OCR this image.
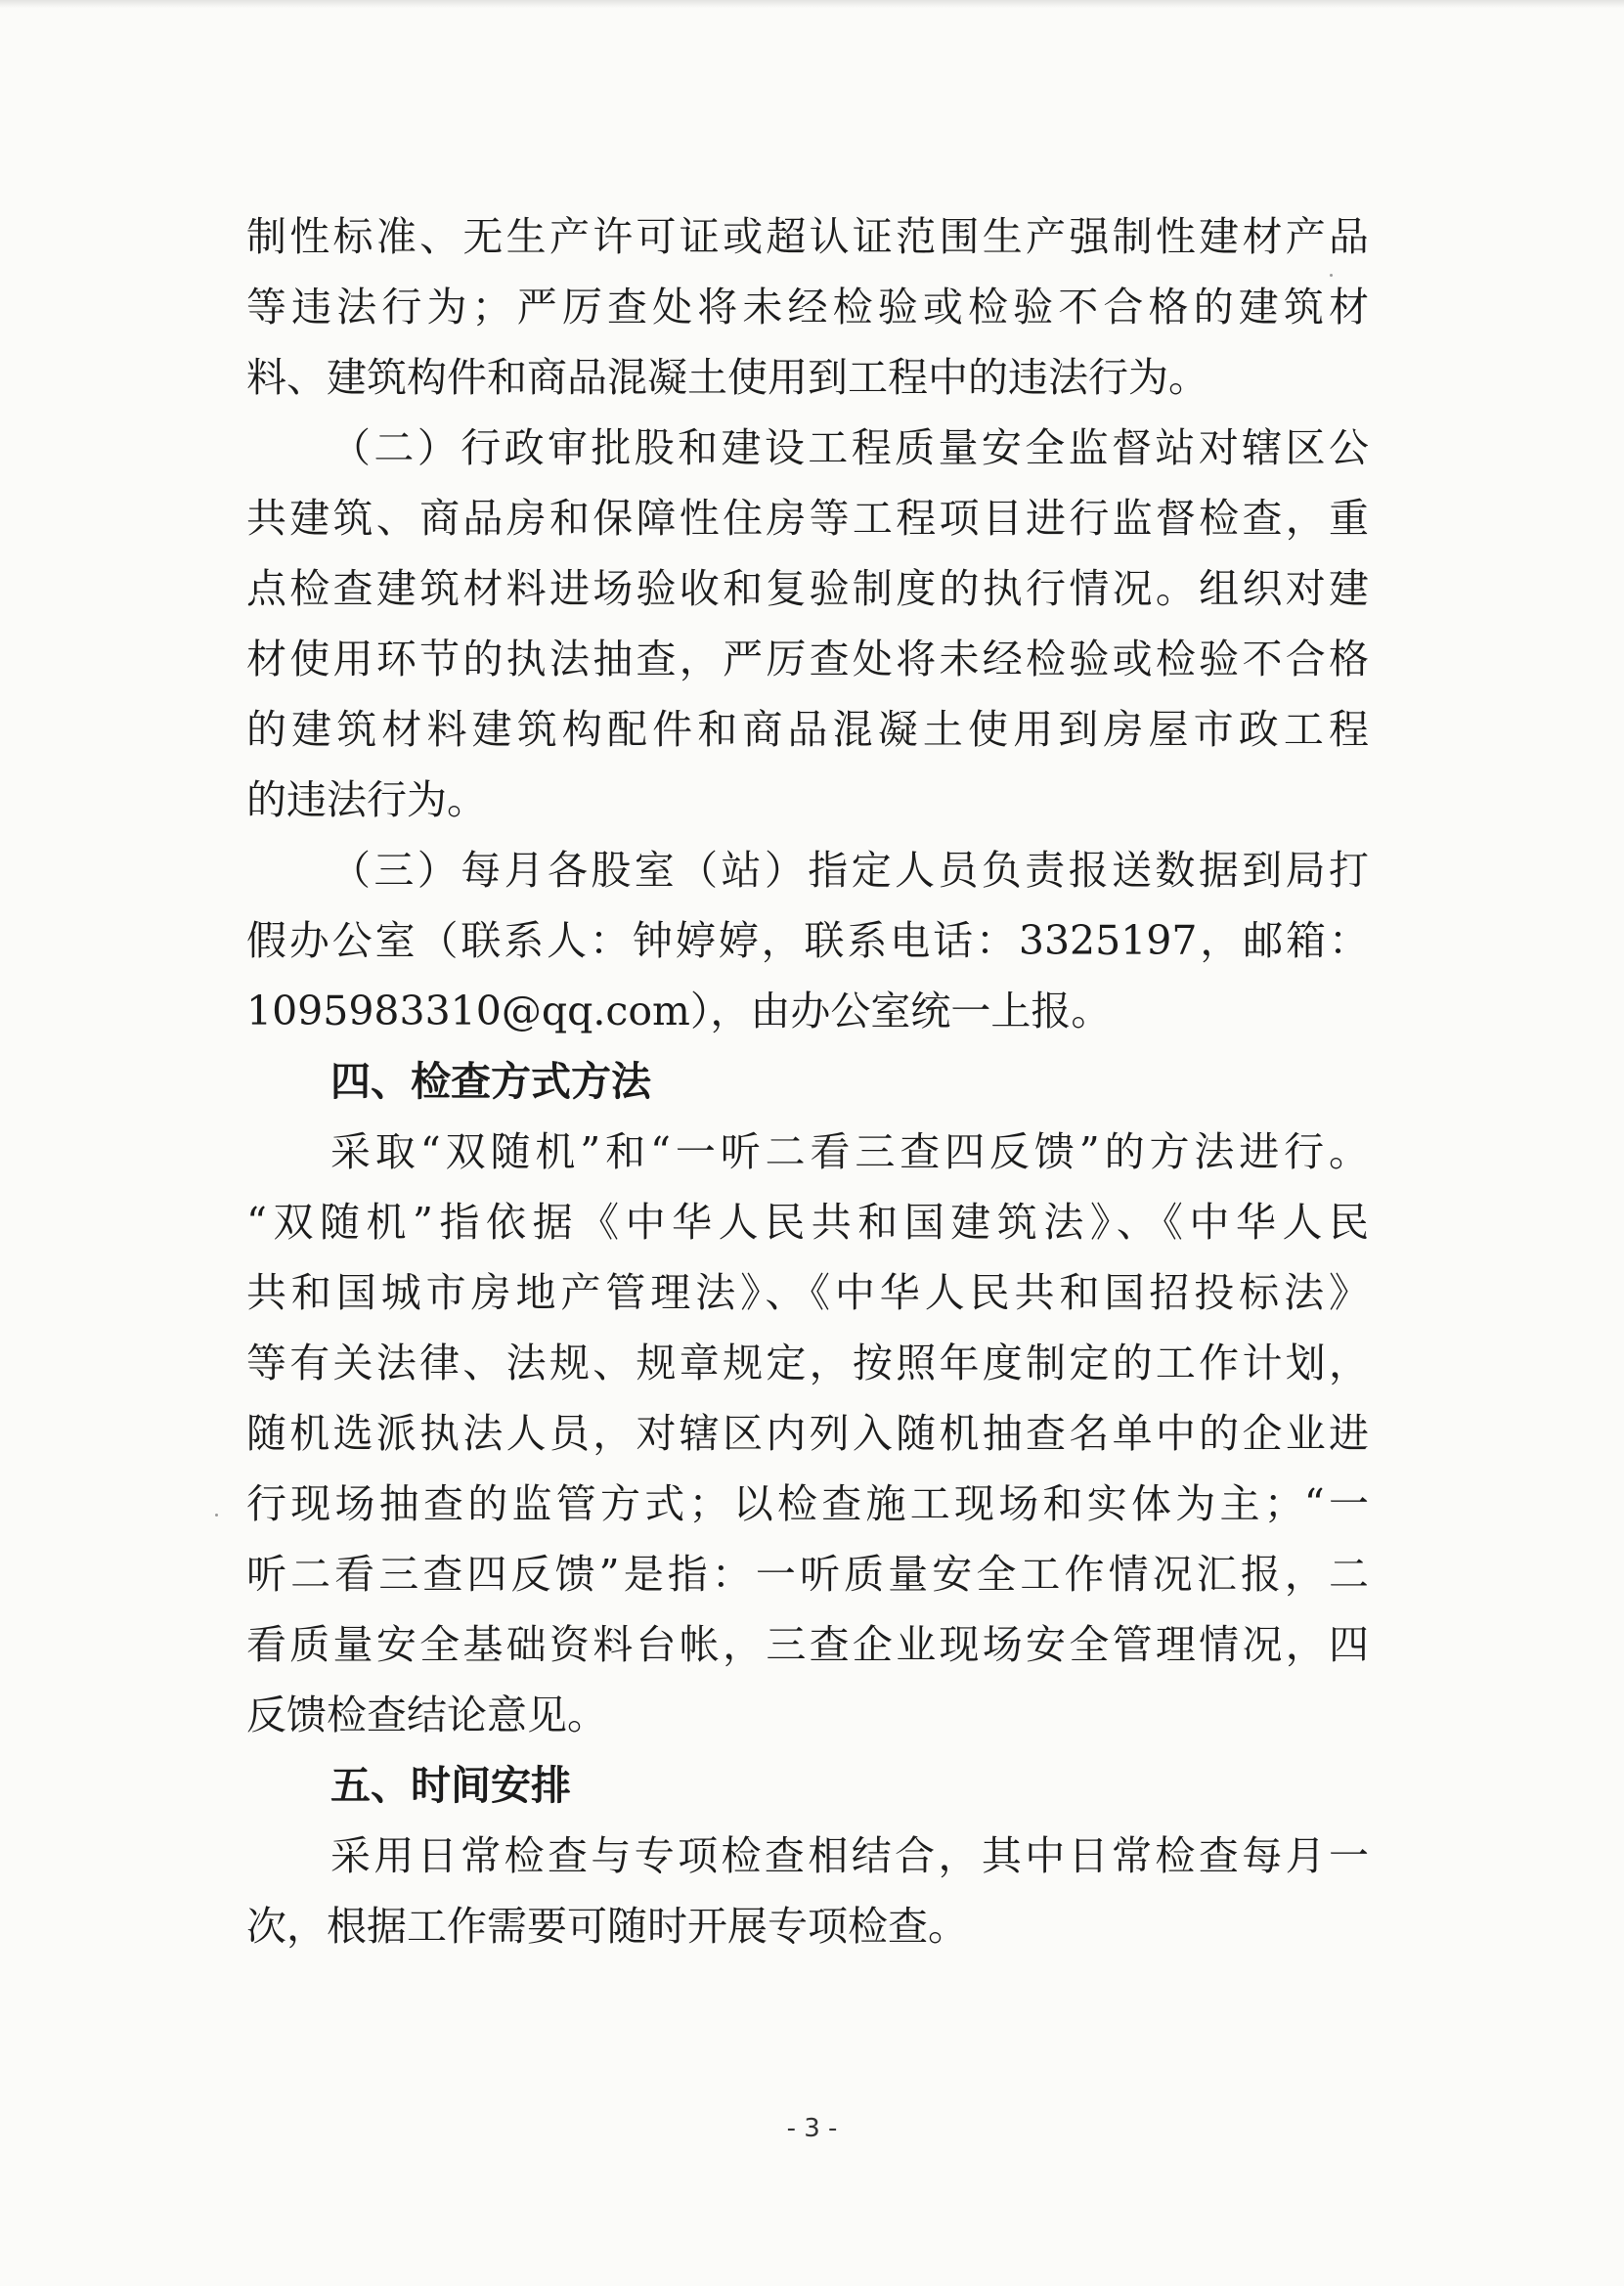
制性标准、无生产许可证或超认证范围生产强制性建材产品

等违法行为；严厉查处将未经检验或检验不合格的建筑材

料、建筑构件和商品混凝土使用到工程中的违法行为。

（二）行政审批股和建设工程质量安全监督站对辖区公

共建筑、商品房和保障性住房等工程项目进行监督检查，重

点检查建筑材料进场验收和复验制度的执行情况。组织对建

材使用环节的执法抽查，严厉查处将未经检验或检验不合格

的建筑材料建筑构配件和商品混凝土使用到房屋市政工程

的违法行为。

（三）每月各股室（站）指定人员负责报送数据到局打

假办公室（联系人：钟婷婷，联系电话：3325197，邮箱：

1095983310@qq.com），由办公室统一上报。

四、检查方式方法

采取“双随机”和“一听二看三查四反馈”的方法进行。

“双随机”指依据《中华人民共和国建筑法》、《中华人民

共和国城市房地产管理法》、《中华人民共和国招投标法》

等有关法律、法规、规章规定，按照年度制定的工作计划，

随机选派执法人员，对辖区内列入随机抽查名单中的企业进

行现场抽查的监管方式；以检查施工现场和实体为主；“一

听二看三查四反馈”是指：一听质量安全工作情况汇报，二

看质量安全基础资料台帐，三查企业现场安全管理情况，四

反馈检查结论意见。

五、时间安排

采用日常检查与专项检查相结合，其中日常检查每月一

次，根据工作需要可随时开展专项检查。

- 3 -
